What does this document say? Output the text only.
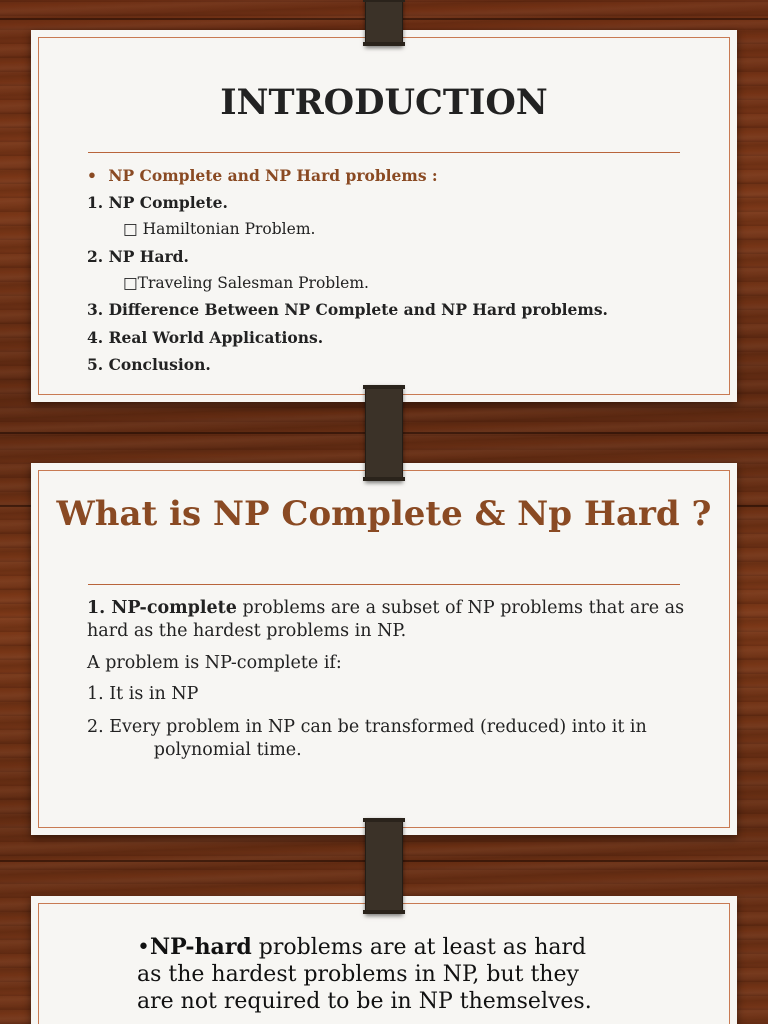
INTRODUCTION
• NP Complete and NP Hard problems :
1. NP Complete.
□ Hamiltonian Problem.
2. NP Hard.
□Traveling Salesman Problem.
3. Difference Between NP Complete and NP Hard problems.
4. Real World Applications.
5. Conclusion.
What is NP Complete & Np Hard ?

1. NP-complete problems are a subset of NP problems that are as hard as the hardest problems in NP.

A problem is NP-complete if:

1. It is in NP

2. Every problem in NP can be transformed (reduced) into it in             polynomial time.

•NP-hard problems are at least as hard as the hardest problems in NP, but they are not required to be in NP themselves.
